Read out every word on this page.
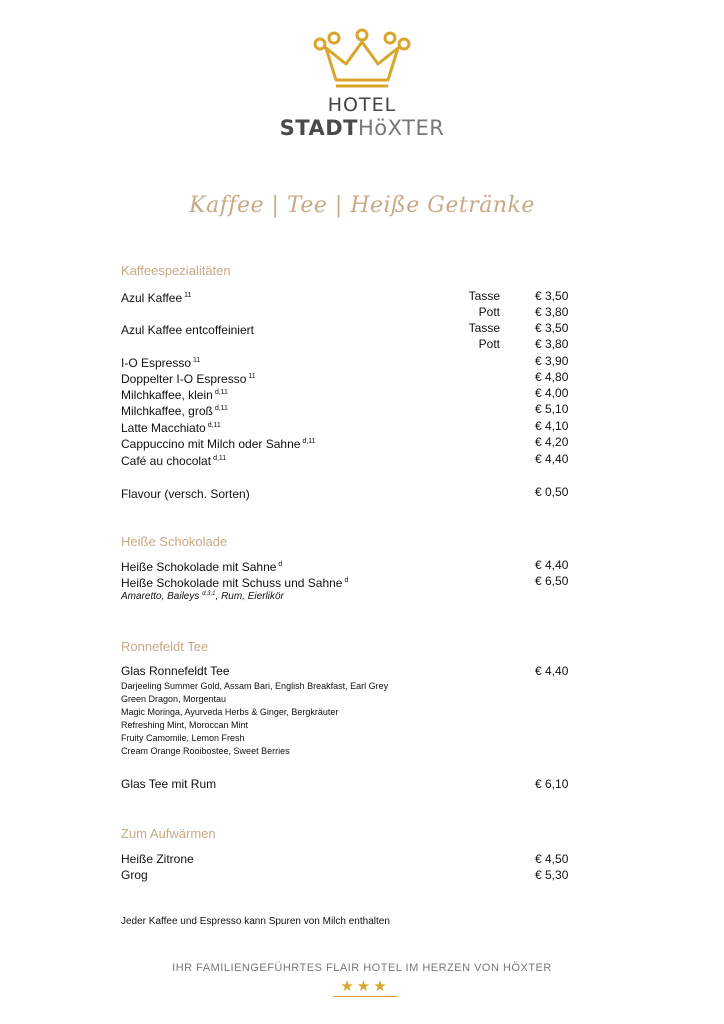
HOTEL
STADTHöXTER
Kaffee | Tee | Heiße Getränke
Kaffeespezialitäten
Azul Kaffee $^{11}$	Tasse	€ 3,50
Pott	€ 3,80
Azul Kaffee entcoffeiniert	Tasse	€ 3,50
Pott	€ 3,80
I-O Espresso $^{11}$	€ 3,90
Doppelter I-O Espresso $^{11}$	€ 4,80
Milchkaffee, klein $^{d,11}$	€ 4,00
Milchkaffee, groß $^{d,11}$	€ 5,10
Latte Macchiato $^{d,11}$	€ 4,10
Cappuccino mit Milch oder Sahne $^{d,11}$	€ 4,20
Café au chocolat $^{d,11}$	€ 4,40
Flavour (versch. Sorten)	€ 0,50
Heiße Schokolade
Heiße Schokolade mit Sahne $^d$	€ 4,40
Heiße Schokolade mit Schuss und Sahne $^d$	€ 6,50
Amaretto, Baileys $^{d,3,1}$, Rum, Eierlikör
Ronnefeldt Tee
Glas Ronnefeldt Tee	€ 4,40
Darjeeling Summer Gold, Assam Bari, English Breakfast, Earl Grey
Green Dragon, Morgentau
Magic Moringa, Ayurveda Herbs & Ginger, Bergkräuter
Refreshing Mint, Moroccan Mint
Fruity Camomile, Lemon Fresh
Cream Orange Rooibostee, Sweet Berries
Glas Tee mit Rum	€ 6,10
Zum Aufwärmen
Heiße Zitrone	€ 4,50
Grog	€ 5,30
Jeder Kaffee und Espresso kann Spuren von Milch enthalten
IHR FAMILIENGEFÜHRTES FLAIR HOTEL IM HERZEN VON HÖXTER
★★★
